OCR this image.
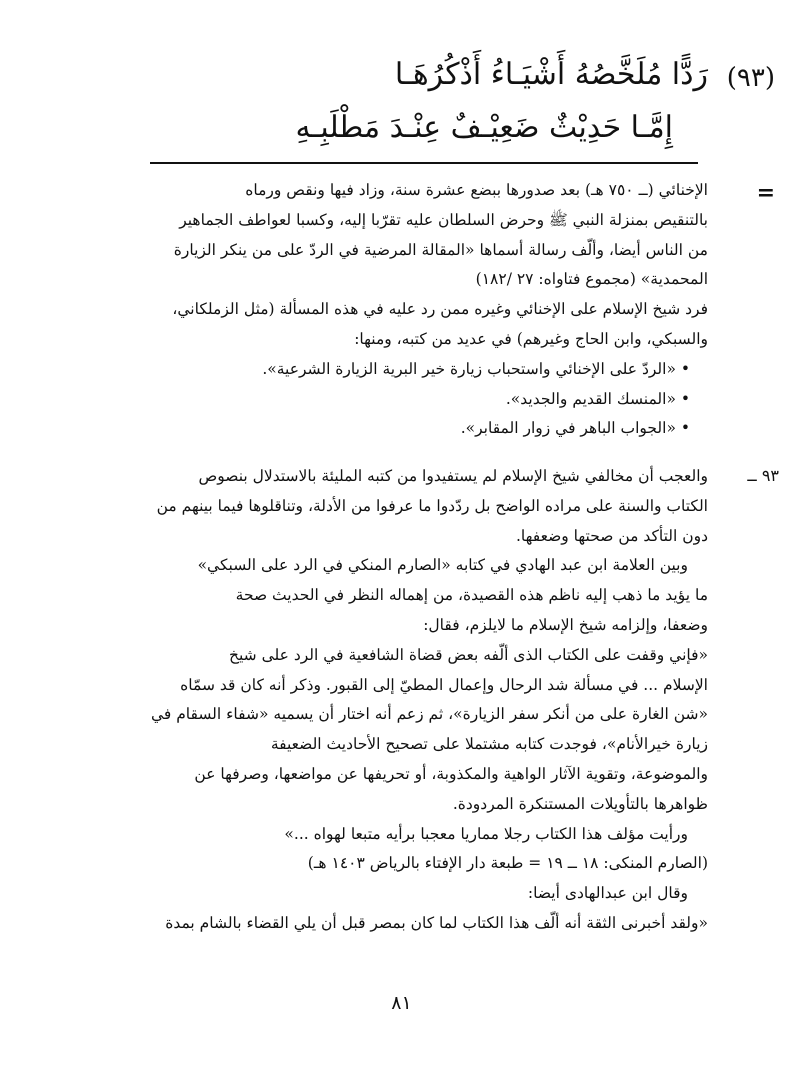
(٩٣)
رَدًّا مُلَخَّصُهُ أَشْيَـاءُ أَذْكُرُهَـا
إِمَّـا حَدِيْثٌ ضَعِيْـفٌ عِنْـدَ مَطْلَبِـهِ
=

الإخنائي (ــ ٧٥٠ هـ) بعد صدورها ببضع عشرة سنة، وزاد فيها ونقص ورماه

بالتنقيص بمنزلة النبي ﷺ وحرض السلطان عليه تقرّبا إليه، وكسبا لعواطف الجماهير

من الناس أيضا، وألّف رسالة أسماها «المقالة المرضية في الردّ على من ينكر الزيارة

المحمدية» (مجموع فتاواه: ٢٧ /١٨٢)

فرد شيخ الإسلام على الإخنائي وغيره ممن رد عليه في هذه المسألة (مثل الزملكاني،

والسبكي، وابن الحاج وغيرهم) في عديد من كتبه، ومنها:

• «الردّ على الإخنائي واستحباب زيارة خير البرية الزيارة الشرعية».

• «المنسك القديم والجديد».

• «الجواب الباهر في زوار المقابر».

٩٣ ــ

والعجب أن مخالفي شيخ الإسلام لم يستفيدوا من كتبه المليئة بالاستدلال بنصوص

الكتاب والسنة على مراده الواضح بل ردّدوا ما عرفوا من الأدلة، وتناقلوها فيما بينهم من

دون التأكد من صحتها وضعفها.

وبين العلامة ابن عبد الهادي في كتابه «الصارم المنكي في الرد على السبكي»

ما يؤيد ما ذهب إليه ناظم هذه القصيدة، من إهماله النظر في الحديث صحة

وضعفا، وإلزامه شيخ الإسلام ما لايلزم، فقال:

«فإني وقفت على الكتاب الذى ألّفه بعض قضاة الشافعية في الرد على شيخ

الإسلام ... في مسألة شد الرحال وإعمال المطيّ إلى القبور. وذكر أنه كان قد سمّاه

«شن الغارة على من أنكر سفر الزيارة»، ثم زعم أنه اختار أن يسميه «شفاء السقام في

زيارة خيرالأنام»، فوجدت كتابه مشتملا على تصحيح الأحاديث الضعيفة

والموضوعة، وتقوية الآثار الواهية والمكذوبة، أو تحريفها عن مواضعها، وصرفها عن

ظواهرها بالتأويلات المستنكرة المردودة.

ورأيت مؤلف هذا الكتاب رجلا مماريا معجبا برأيه متبعا لهواه ...»

(الصارم المنكى: ١٨ ــ ١٩ = طبعة دار الإفتاء بالرياض ١٤٠٣ هـ)

وقال ابن عبدالهادى أيضا:

«ولقد أخبرنى الثقة أنه ألّف هذا الكتاب لما كان بمصر قبل أن يلي القضاء بالشام بمدة

٨١
